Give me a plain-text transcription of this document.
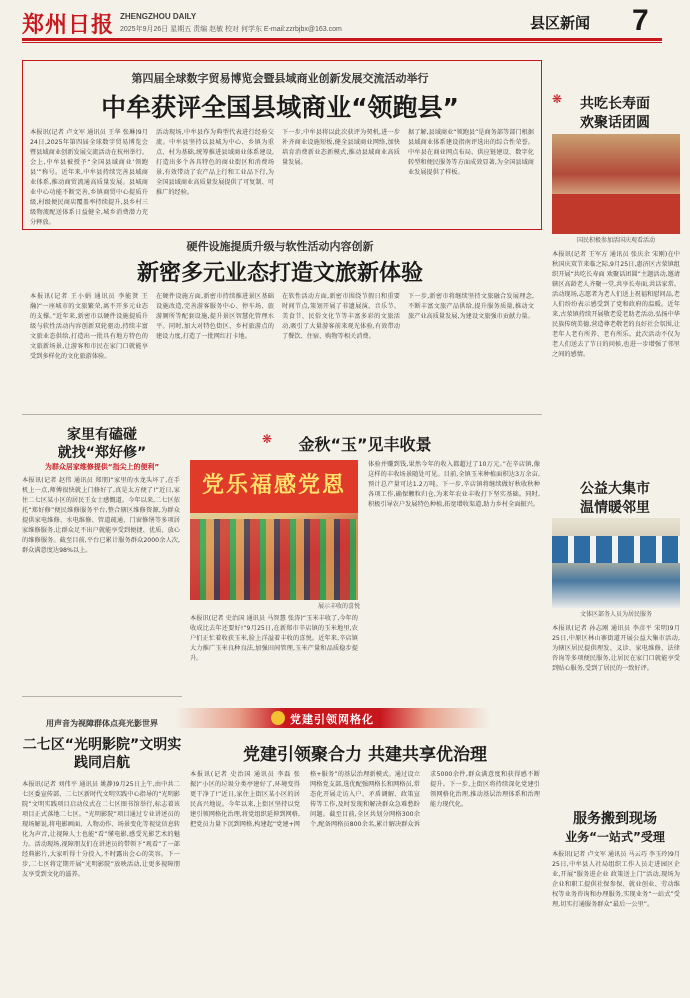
郑州日报 ZHENGZHOU DAILY
2025年9月26日 星期五 责编 赵敏 校对 何学东 E-mail:zzrbjbx@163.com	县区新闻 7
第四届全球数字贸易博览会暨县域商业创新发展交流活动举行
中牟获评全国县域商业“领跑县”
本报讯(记者 卢文军 通讯员 王华 张琳)9月24日,2025年第四届全球数字贸易博览会暨县域商业创新发展交流活动在杭州举行。会上,中牟县被授予“全国县域商业‘领跑县’”称号。近年来,中牟县持续完善县域商业体系,推动商贸流通高质量发展。县城商业中心功能不断完善,乡镇商贸中心提质升级,村级便民商店覆盖率持续提升,县乡村三级物流配送体系日益健全,城乡消费潜力充分释放。
活动现场,中牟县作为典型代表进行经验交流。中牟县坚持以县城为中心、乡镇为重点、村为基础,统筹推进县域商业体系建设,打造出多个各具特色的商业街区和消费场景,有效带动了农产品上行和工业品下行,为全国县域商业高质量发展提供了可复制、可推广的经验。
下一步,中牟县将以此次获评为契机,进一步补齐商业设施短板,健全县域商业网络,加快培育消费新业态新模式,推动县域商业高质量发展。
据了解,县域商业“领跑县”是商务部等部门根据县域商业体系建设指南评选出的综合性荣誉。中牟县在商业网点布局、供应链建设、数字化转型和便民服务等方面成效显著,为全国县域商业发展提供了样板。
❋	共吃长寿面
欢聚话团圆
国民积极参加活国庆观看活动
本报讯(记者 王军方 通讯员 张庆余 宋刚)在中秋国庆双节来临之际,9月25日,惠济区古荥镇组织开展“共吃长寿面 欢聚话团圆”主题活动,邀请辖区高龄老人齐聚一堂,共享长寿面,共话家常。活动现场,志愿者为老人们送上祝福和慰问品,老人们纷纷表示感受到了党和政府的温暖。近年来,古荥镇持续开展敬老爱老助老活动,弘扬中华民族传统美德,营造尊老敬老的良好社会氛围,让老年人老有所养、老有所乐。此次活动不仅为老人们送去了节日的问候,也进一步增强了邻里之间的感情。
硬件设施提质升级与软性活动内容创新
新密多元业态打造文旅新体验
本报讯(记者 王小娟 通讯员 李能贤 王瀚)“一座城市的文旅繁荣,离不开多元业态的支撑。”近年来,新密市以硬件设施提质升级与软性活动内容创新双轮驱动,持续丰富文旅业态供给,打造出一批具有地方特色的文旅新场景,让游客和市民在家门口就能享受到多样化的文化旅游体验。
在硬件设施方面,新密市持续推进景区基础设施改造,完善游客服务中心、停车场、旅游厕所等配套设施,提升景区智慧化管理水平。同时,加大对特色街区、乡村旅游点的建设力度,打造了一批网红打卡地。
在软性活动方面,新密市围绕节假日和重要时间节点,策划开展了非遗展演、音乐节、美食节、民俗文化节等丰富多彩的文旅活动,吸引了大量游客前来观光体验,有效带动了餐饮、住宿、购物等相关消费。
下一步,新密市将继续坚持文旅融合发展理念,不断丰富文旅产品供给,提升服务质量,推动文旅产业高质量发展,为建设文旅强市贡献力量。
家里有磕碰
就找“郑好修”
为群众居家维修提供“指尖上的便利”
本报讯(记者 赵伟 通讯员 郑朋)“家里的水龙头坏了,在手机上一点,师傅很快就上门修好了,真是太方便了!”近日,家住二七区某小区的居民王女士感慨道。今年以来,二七区依托“郑好修”便民维修服务平台,整合辖区维修资源,为群众提供家电维修、水电维修、管道疏通、门窗修缮等多项居家维修服务,让群众足不出户就能享受到便捷、优质、放心的维修服务。截至目前,平台已累计服务群众2000余人次,群众满意度达98%以上。
❋	金秋“玉”见丰收景
党乐福感党恩
展示丰收的喜悦
本报讯(记者 史治国 通讯员 马智慧 张涛)“玉米丰收了,今年的收成比去年还要好!”9月25日,在新郑市辛店镇的玉米地里,农户们正忙着收获玉米,脸上洋溢着丰收的喜悦。近年来,辛店镇大力推广玉米良种良法,加强田间管理,玉米产量和品质稳步提升。
体验并赚到钱,果然今年的收入都超过了10万元。”在辛店镇,像这样的丰收场景随处可见。目前,全镇玉米种植面积达3万余亩,预计总产量可达1.2万吨。下一步,辛店镇将继续做好秋收秋种各项工作,确保颗粒归仓,为来年农业丰收打下坚实基础。同时,积极引导农户发展特色种植,拓宽增收渠道,助力乡村全面振兴。
公益大集市
温情暖邻里
文体区部务人员为居民服务
本报讯(记者 孙志刚 通讯员 李彦平 宋明)9月25日,中原区林山寨街道开展公益大集市活动,为辖区居民提供理发、义诊、家电维修、法律咨询等多项便民服务,让居民在家门口就能享受到贴心服务,受到了居民的一致好评。
用声音为视障群体点亮光影世界
二七区“光明影院”文明实践同启航
本报讯(记者 刘伟平 通讯员 姚静)9月25日上午,由中共二七区委宣传部、二七区新时代文明实践中心指导的“光明影院”文明实践项目启动仪式在二七区图书馆举行,标志着该项目正式落地二七区。“光明影院”项目通过专业讲述员的现场解说,将电影画面、人物动作、场景变化等视觉信息转化为声音,让视障人士也能“看”懂电影,感受光影艺术的魅力。活动现场,视障朋友们在讲述员的带领下“观看”了一部经典影片,大家听得十分投入,不时露出会心的笑容。下一步,二七区将定期开展“光明影院”放映活动,让更多视障朋友享受到文化的滋养。
党建引领网格化
党建引领聚合力 共建共享优治理
本报讯(记者 史治国 通讯员 李磊 张振)“小区的垃圾分类亭建好了,环境变得更干净了!”近日,家住上街区某小区的居民高兴地说。今年以来,上街区坚持以党建引领网格化治理,将党组织延伸到网格,把党员力量下沉到网格,构建起“党建+网格+服务”的基层治理新模式。通过设立网格党支部,选优配强网格长和网格员,常态化开展走访入户、矛盾调解、政策宣传等工作,及时发现和解决群众急难愁盼问题。截至目前,全区共划分网格300余个,配备网格员800余名,累计解决群众诉求5000余件,群众满意度和获得感不断提升。下一步,上街区将持续深化党建引领网格化治理,推动基层治理体系和治理能力现代化。
服务搬到现场
业务“一站式”受理
本报讯(记者 卢文军 通讯员 马云巧 李玉玲)9月25日,中牟县人社局组织工作人员走进园区企业,开展“服务进企业 政策送上门”活动,现场为企业和职工提供社保参保、就业创业、劳动维权等业务咨询和办理服务,实现业务“一站式”受理,切实打通服务群众“最后一公里”。
